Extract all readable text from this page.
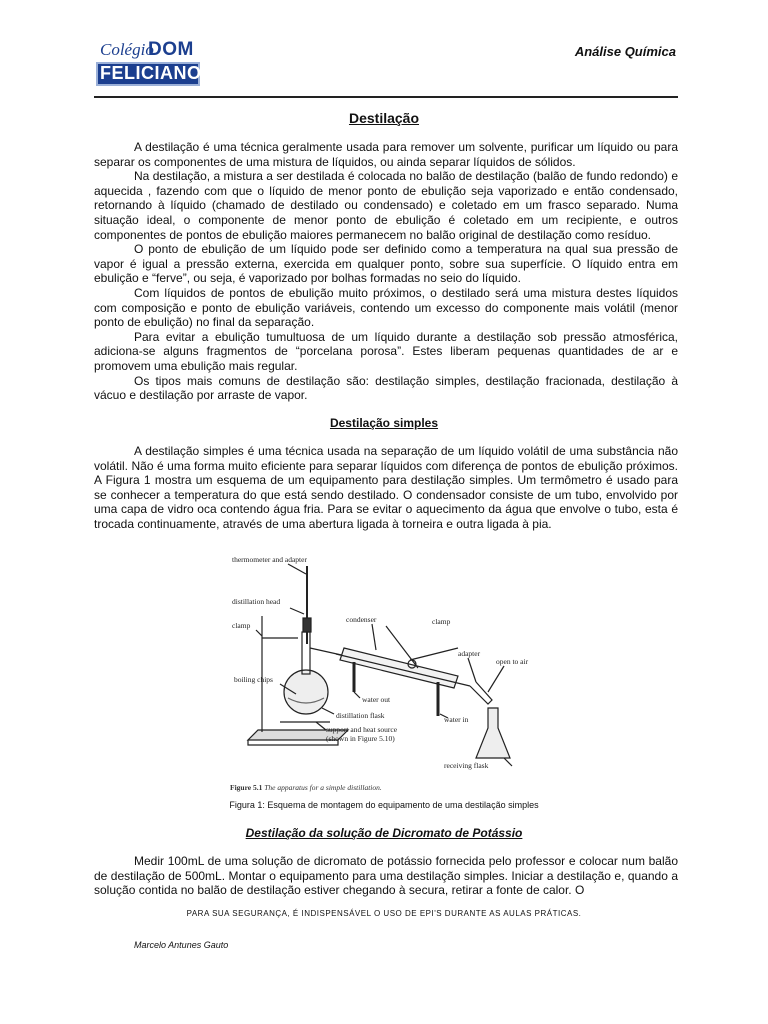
Colégio
DOM
FELICIANO
Análise Química
Destilação

A destilação é uma técnica geralmente usada para remover um solvente, purificar um líquido ou para separar os componentes de uma mistura de líquidos, ou ainda separar líquidos de sólidos.

Na destilação, a mistura a ser destilada é colocada no balão de destilação (balão de fundo redondo) e aquecida , fazendo com que o líquido de menor ponto de ebulição seja vaporizado e então condensado, retornando à líquido (chamado de destilado ou condensado) e coletado em um frasco separado. Numa situação ideal, o componente de menor ponto de ebulição é coletado em um recipiente, e outros componentes de pontos de ebulição maiores permanecem no balão original de destilação como resíduo.

O ponto de ebulição de um líquido pode ser definido como a temperatura na qual sua pressão de vapor é igual a pressão externa, exercida em qualquer ponto, sobre sua superfície. O líquido entra em ebulição e “ferve”, ou seja, é vaporizado por bolhas formadas no seio do líquido.

Com líquidos de pontos de ebulição muito próximos, o destilado será uma mistura destes líquidos com composição e ponto de ebulição variáveis, contendo um excesso do componente mais volátil (menor ponto de ebulição) no final da separação.

Para evitar a ebulição tumultuosa de um líquido durante a destilação sob pressão atmosférica, adiciona-se alguns fragmentos de “porcelana porosa”. Estes liberam pequenas quantidades de ar e promovem uma ebulição mais regular.

Os tipos mais comuns de destilação são: destilação simples, destilação fracionada, destilação à vácuo e destilação por arraste de vapor.

Destilação simples

A destilação simples é uma técnica usada na separação de um líquido volátil de uma substância não volátil. Não é uma forma muito eficiente para separar líquidos com diferença de pontos de ebulição próximos. A Figura 1 mostra um esquema de um equipamento para destilação simples. Um termômetro é usado para se conhecer a temperatura do que está sendo destilado. O condensador consiste de um tubo, envolvido por uma capa de vidro oca contendo água fria. Para se evitar o aquecimento da água que envolve o tubo, esta é trocada continuamente, através de uma abertura ligada à torneira e outra ligada à pia.

thermometer and adapter
distillation head
clamp
condenser	clamp
adapter
open to air
boiling chips
water out
distillation flask	water in
support and heat source
(shown in Figure 5.10)
receiving flask
Figure 5.1 The apparatus for a simple distillation.
Figura 1: Esquema de montagem do equipamento de uma destilação simples
Destilação da solução de Dicromato de Potássio

Medir 100mL de uma solução de dicromato de potássio fornecida pelo professor e colocar num balão de destilação de 500mL. Montar o equipamento para uma destilação simples. Iniciar a destilação e, quando a solução contida no balão de destilação estiver chegando à secura, retirar a fonte de calor. O

PARA SUA SEGURANÇA, É INDISPENSÁVEL O USO DE EPI'S DURANTE AS AULAS PRÁTICAS.
Marcelo Antunes Gauto
